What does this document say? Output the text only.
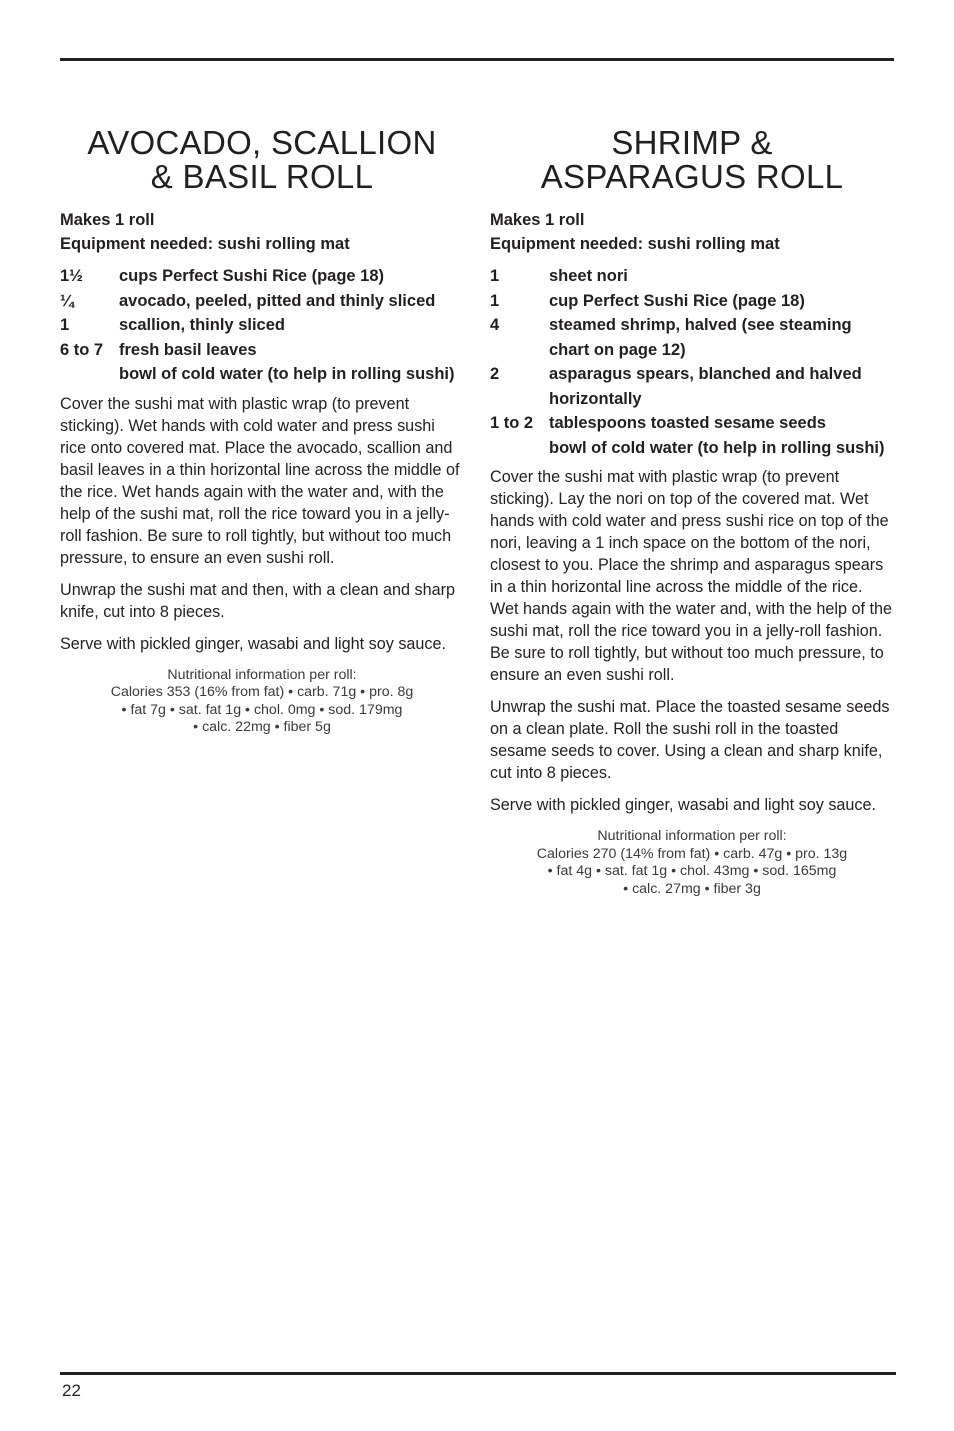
AVOCADO, SCALLION
& BASIL ROLL
Makes 1 roll
Equipment needed: sushi rolling mat
1½	cups Perfect Sushi Rice (page 18)
¼	avocado, peeled, pitted and thinly sliced
1	scallion, thinly sliced
6 to 7 fresh basil leaves
bowl of cold water (to help in rolling sushi)

Cover the sushi mat with plastic wrap (to prevent sticking). Wet hands with cold water and press sushi rice onto covered mat. Place the avocado, scallion and basil leaves in a thin horizontal line across the middle of the rice. Wet hands again with the water and, with the help of the sushi mat, roll the rice toward you in a jelly-roll fashion. Be sure to roll tightly, but without too much pressure, to ensure an even sushi roll.

Unwrap the sushi mat and then, with a clean and sharp knife, cut into 8 pieces.

Serve with pickled ginger, wasabi and light soy sauce.

Nutritional information per roll:
Calories 353 (16% from fat) • carb. 71g • pro. 8g
• fat 7g • sat. fat 1g • chol. 0mg • sod. 179mg
• calc. 22mg • fiber 5g
SHRIMP &
ASPARAGUS ROLL
Makes 1 roll
Equipment needed: sushi rolling mat
1	sheet nori
1	cup Perfect Sushi Rice (page 18)
4	steamed shrimp, halved (see steaming chart on page 12)
2	asparagus spears, blanched and halved horizontally
1 to 2 tablespoons toasted sesame seeds
bowl of cold water (to help in rolling sushi)

Cover the sushi mat with plastic wrap (to prevent sticking). Lay the nori on top of the covered mat. Wet hands with cold water and press sushi rice on top of the nori, leaving a 1 inch space on the bottom of the nori, closest to you. Place the shrimp and asparagus spears in a thin horizontal line across the middle of the rice. Wet hands again with the water and, with the help of the sushi mat, roll the rice toward you in a jelly-roll fashion. Be sure to roll tightly, but without too much pressure, to ensure an even sushi roll.

Unwrap the sushi mat. Place the toasted sesame seeds on a clean plate. Roll the sushi roll in the toasted sesame seeds to cover. Using a clean and sharp knife, cut into 8 pieces.

Serve with pickled ginger, wasabi and light soy sauce.

Nutritional information per roll:
Calories 270 (14% from fat) • carb. 47g • pro. 13g
• fat 4g • sat. fat 1g • chol. 43mg • sod. 165mg
• calc. 27mg • fiber 3g
22
